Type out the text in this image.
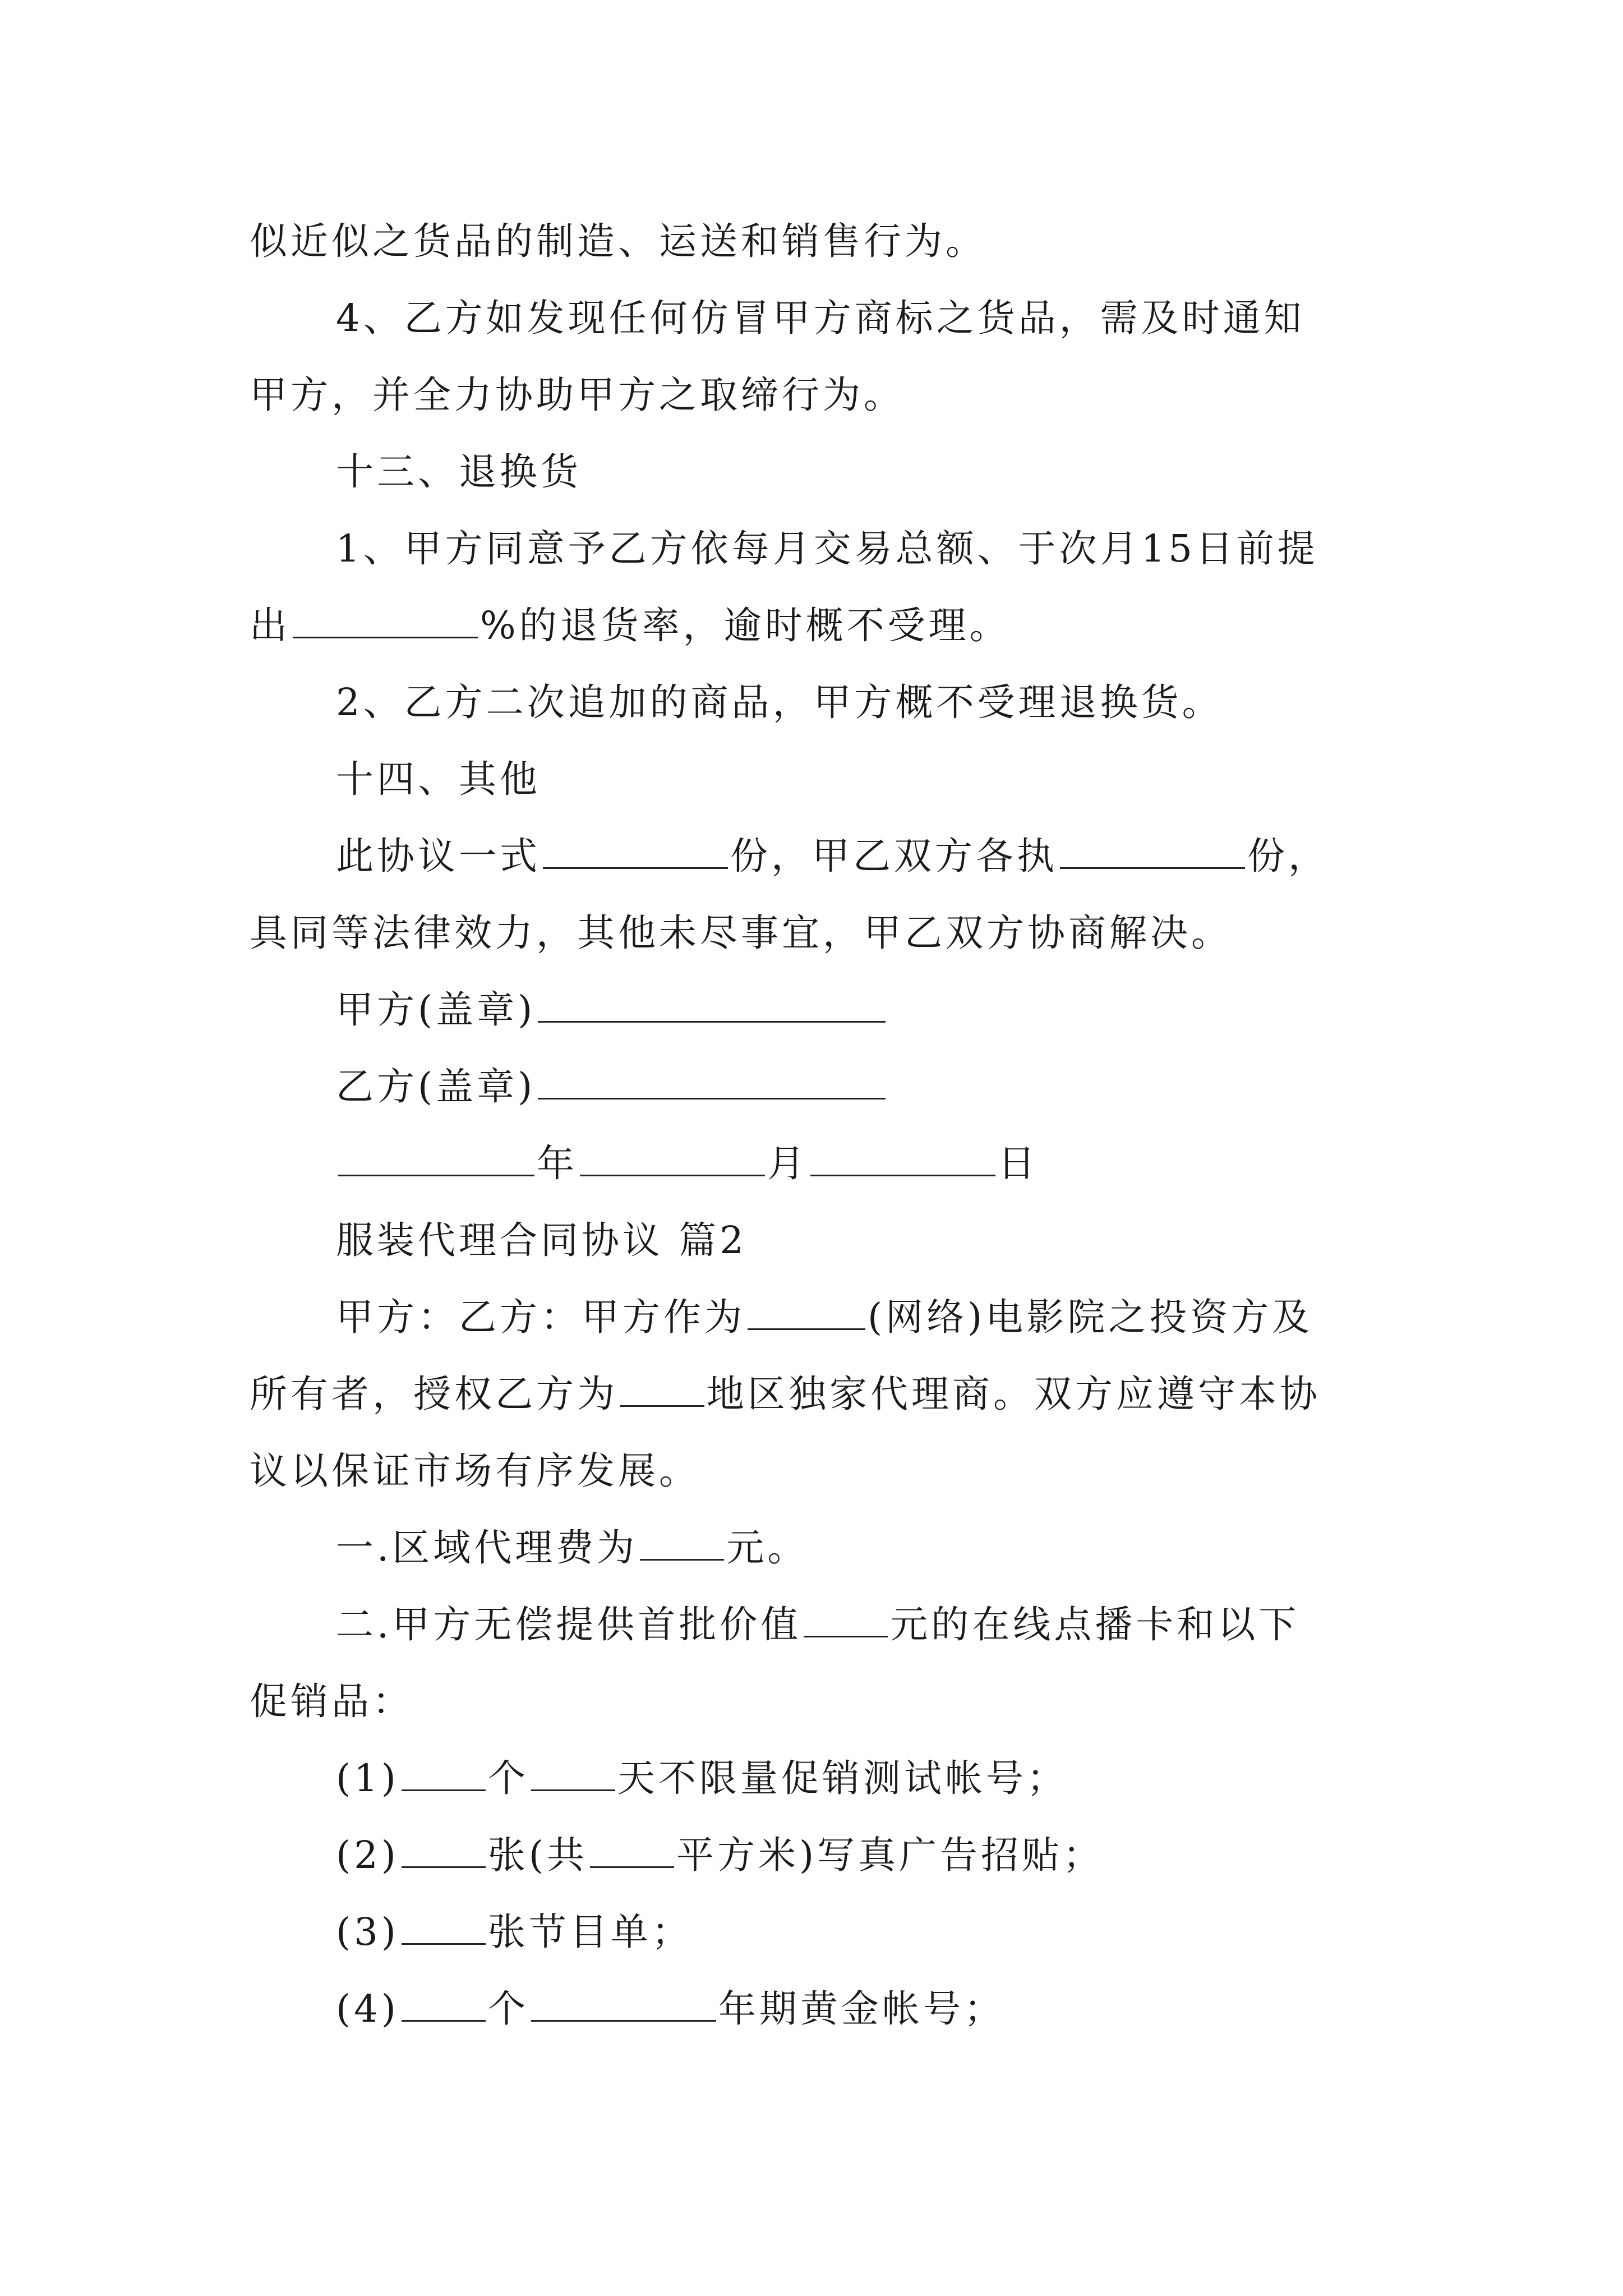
似近似之货品的制造、运送和销售行为。
4、乙方如发现任何仿冒甲方商标之货品，需及时通知
甲方，并全力协助甲方之取缔行为。
十三、退换货
1、甲方同意予乙方依每月交易总额、于次月15日前提
出	%的退货率，逾时概不受理。
2、乙方二次追加的商品，甲方概不受理退换货。
十四、其他
此协议一式	份，甲乙双方各执	份，
具同等法律效力，其他未尽事宜，甲乙双方协商解决。
甲方(盖章)
乙方(盖章)
年	月	日
服装代理合同协议 篇2
甲方：乙方：甲方作为	(网络)电影院之投资方及
所有者，授权乙方为 地区独家代理商。双方应遵守本协
议以保证市场有序发展。
一.区域代理费为 元。
二.甲方无偿提供首批价值 元的在线点播卡和以下
促销品：
(1) 个 天不限量促销测试帐号；
(2) 张(共 平方米)写真广告招贴；
(3) 张节目单；
(4) 个	年期黄金帐号；
